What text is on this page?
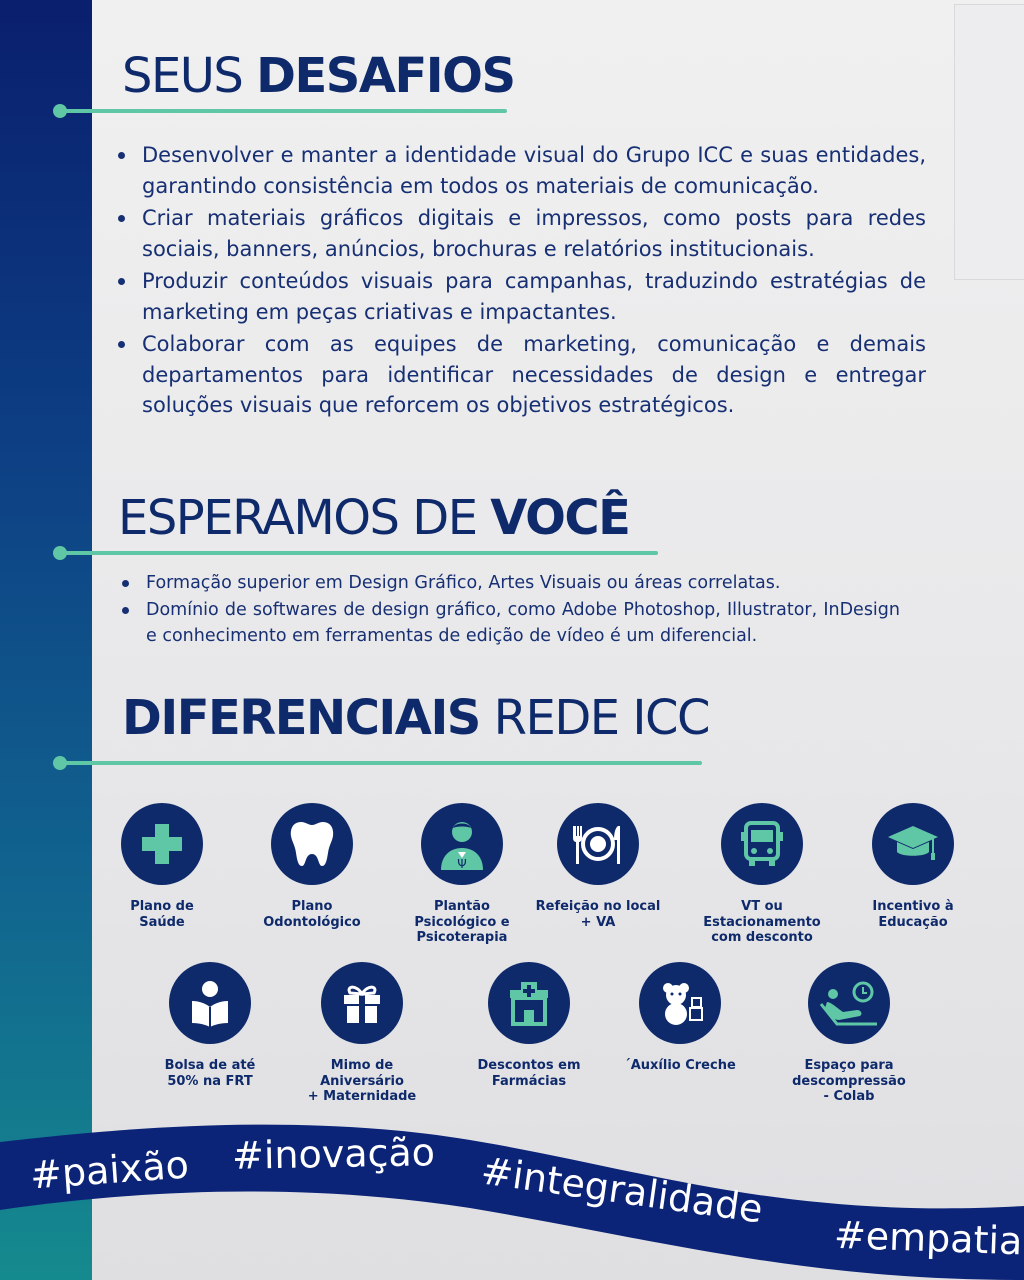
SEUS DESAFIOS
Desenvolver e manter a identidade visual do Grupo ICC e suas entidades, garantindo consistência em todos os materiais de comunicação.
Criar materiais gráficos digitais e impressos, como posts para redes sociais, banners, anúncios, brochuras e relatórios institucionais.
Produzir conteúdos visuais para campanhas, traduzindo estratégias de marketing em peças criativas e impactantes.
Colaborar com as equipes de marketing, comunicação e demais departamentos para identificar necessidades de design e entregar soluções visuais que reforcem os objetivos estratégicos.
ESPERAMOS DE VOCÊ
Formação superior em Design Gráfico, Artes Visuais ou áreas correlatas.
Domínio de softwares de design gráfico, como Adobe Photoshop, Illustrator, InDesign e conhecimento em ferramentas de edição de vídeo é um diferencial.
DIFERENCIAIS REDE ICC
Plano de
Saúde
Plano
Odontológico
Ψ
Plantão
Psicológico e
Psicoterapia
Refeição no local
+ VA
VT ou
Estacionamento
com desconto
Incentivo à
Educação
Bolsa de até
50% na FRT
Mimo de Aniversário
+ Maternidade
Descontos em
Farmácias
´Auxílio Creche	Espaço para
descompressão
- Colab
#paixão #inovação #integralidade
#empatia
